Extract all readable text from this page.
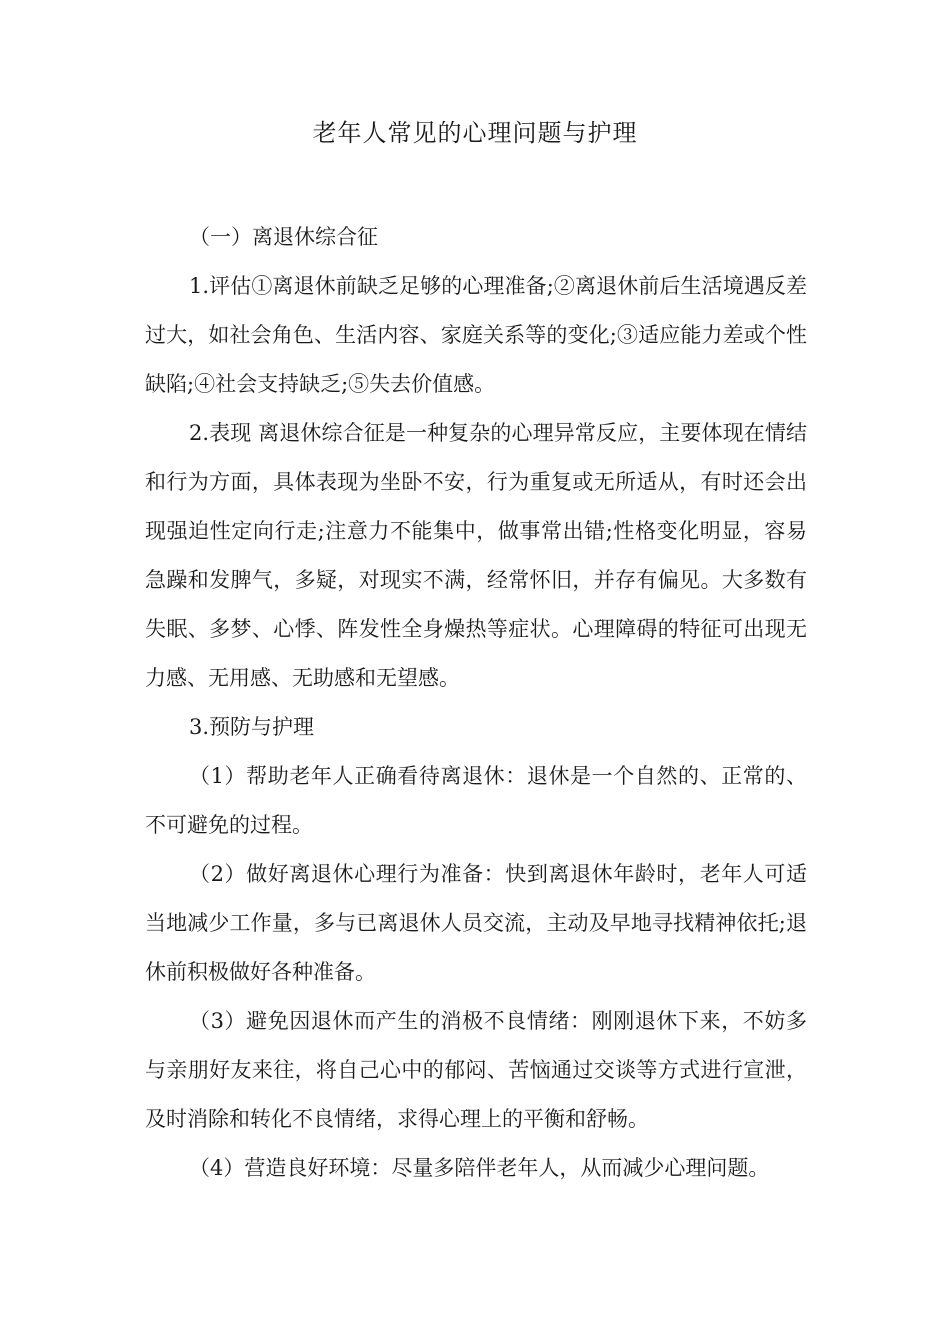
老年人常见的心理问题与护理

（一）离退休综合征

1.评估①离退休前缺乏足够的心理准备;②离退休前后生活境遇反差过大，如社会角色、生活内容、家庭关系等的变化;③适应能力差或个性缺陷;④社会支持缺乏;⑤失去价值感。

2.表现 离退休综合征是一种复杂的心理异常反应，主要体现在情结和行为方面，具体表现为坐卧不安，行为重复或无所适从，有时还会出现强迫性定向行走;注意力不能集中，做事常出错;性格变化明显，容易急躁和发脾气，多疑，对现实不满，经常怀旧，并存有偏见。大多数有失眠、多梦、心悸、阵发性全身燥热等症状。心理障碍的特征可出现无力感、无用感、无助感和无望感。

3.预防与护理

（1）帮助老年人正确看待离退休：退休是一个自然的、正常的、不可避免的过程。

（2）做好离退休心理行为准备：快到离退休年龄时，老年人可适当地减少工作量，多与已离退休人员交流，主动及早地寻找精神依托;退休前积极做好各种准备。

（3）避免因退休而产生的消极不良情绪：刚刚退休下来，不妨多与亲朋好友来往，将自己心中的郁闷、苦恼通过交谈等方式进行宣泄，及时消除和转化不良情绪，求得心理上的平衡和舒畅。

（4）营造良好环境：尽量多陪伴老年人，从而减少心理问题。
